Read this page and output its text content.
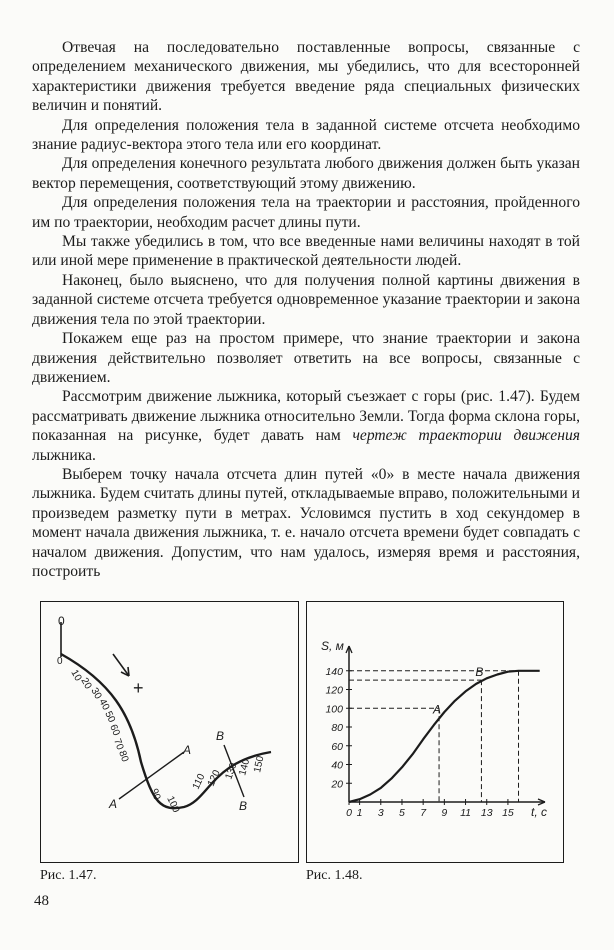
Отвечая на последовательно поставленные вопросы, связанные с определением механического движения, мы убедились, что для всесторонней характеристики движения требуется введение ряда специальных физических величин и понятий.

Для определения положения тела в заданной системе отсчета необходимо знание радиус-вектора этого тела или его координат.

Для определения конечного результата любого движения должен быть указан вектор перемещения, соответствующий этому движению.

Для определения положения тела на траектории и расстояния, пройденного им по траектории, необходим расчет длины пути.

Мы также убедились в том, что все введенные нами величины находят в той или иной мере применение в практической деятельности людей.

Наконец, было выяснено, что для получения полной картины движения в заданной системе отсчета требуется одновременное указание траектории и закона движения тела по этой траектории.

Покажем еще раз на простом примере, что знание траектории и закона движения действительно позволяет ответить на все вопросы, связанные с движением.

Рассмотрим движение лыжника, который съезжает с горы (рис. 1.47). Будем рассматривать движение лыжника относительно Земли. Тогда форма склона горы, показанная на рисунке, будет давать нам чертеж траектории движения лыжника.

Выберем точку начала отсчета длин путей «0» в месте начала движения лыжника. Будем считать длины путей, откладываемые вправо, положительными и произведем разметку пути в метрах. Условимся пустить в ход секундомер в момент начала движения лыжника, т. е. начало отсчета времени будет совпадать с началом движения. Допустим, что нам удалось, измеряя время и расстояния, построить

0
+
A
A
B
B
0
10
20
30
40
50
60
70
80
90
100
110
120 130
140 150
t, c
S, м
20
40
60
80
100
120
140
0 1 3 5 7 9 11 13 15
A
B
Рис. 1.47.	Рис. 1.48.
48
